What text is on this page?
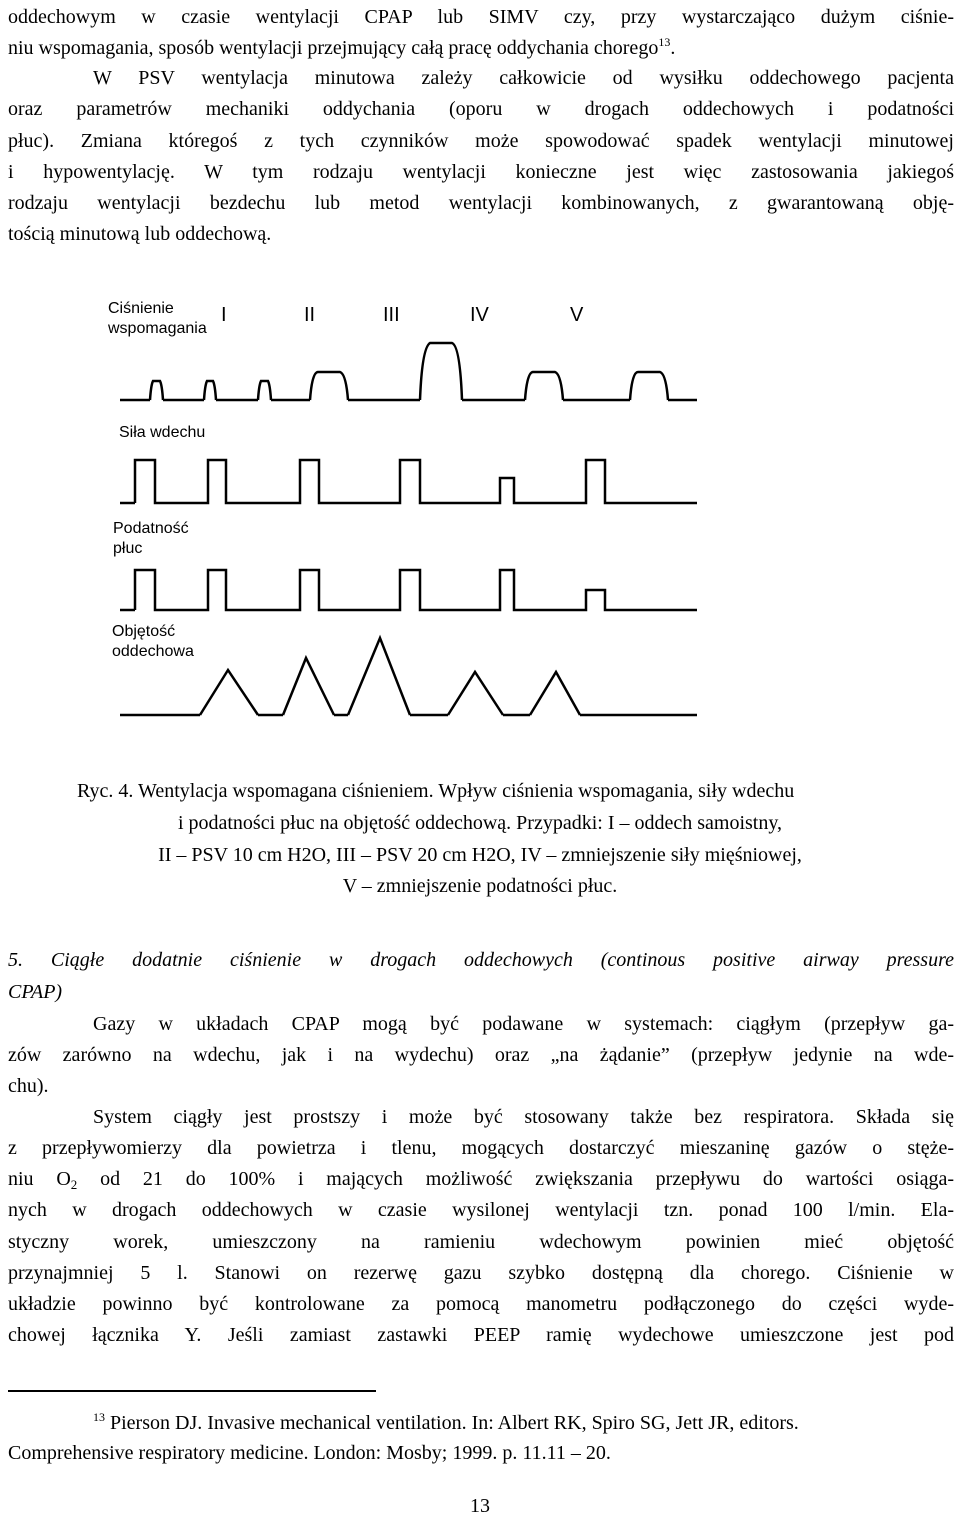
oddechowym w czasie wentylacji CPAP lub SIMV czy, przy wystarczająco dużym ciśnie-
niu wspomagania, sposób wentylacji przejmujący całą pracę oddychania chorego$^{13}$.
W PSV wentylacja minutowa zależy całkowicie od wysiłku oddechowego pacjenta
oraz parametrów mechaniki oddychania (oporu w drogach oddechowych i podatności
płuc). Zmiana któregoś z tych czynników może spowodować spadek wentylacji minutowej
i hypowentylację. W tym rodzaju wentylacji konieczne jest więc zastosowania jakiegoś
rodzaju wentylacji bezdechu lub metod wentylacji kombinowanych, z gwarantowaną obję-
tością minutową lub oddechową.
Ciśnienie
wspomagania
Siła wdechu
Podatność
płuc
Objętość
oddechowa
I	II	III	IV	V
Ryc. 4. Wentylacja wspomagana ciśnieniem. Wpływ ciśnienia wspomagania, siły wdechu
i podatności płuc na objętość oddechową. Przypadki: I – oddech samoistny,
II – PSV 10 cm H2O, III – PSV 20 cm H2O, IV – zmniejszenie siły mięśniowej,
V – zmniejszenie podatności płuc.
5. Ciągłe dodatnie ciśnienie w drogach oddechowych (continous positive airway pressure
CPAP)
Gazy w układach CPAP mogą być podawane w systemach: ciągłym (przepływ ga-
zów zarówno na wdechu, jak i na wydechu) oraz „na żądanie” (przepływ jedynie na wde-
chu).
System ciągły jest prostszy i może być stosowany także bez respiratora. Składa się
z przepływomierzy dla powietrza i tlenu, mogących dostarczyć mieszaninę gazów o stęże-
niu $O_2$ od 21 do 100% i mających możliwość zwiększania przepływu do wartości osiąga-
nych w drogach oddechowych w czasie wysilonej wentylacji tzn. ponad 100 l/min. Ela-
styczny worek, umieszczony na ramieniu wdechowym powinien mieć objętość
przynajmniej 5 l. Stanowi on rezerwę gazu szybko dostępną dla chorego. Ciśnienie w
układzie powinno być kontrolowane za pomocą manometru podłączonego do części wyde-
chowej łącznika Y. Jeśli zamiast zastawki PEEP ramię wydechowe umieszczone jest pod
$^{13}$ Pierson DJ. Invasive mechanical ventilation. In: Albert RK, Spiro SG, Jett JR, editors.
Comprehensive respiratory medicine. London: Mosby; 1999. p. 11.11 – 20.
13
